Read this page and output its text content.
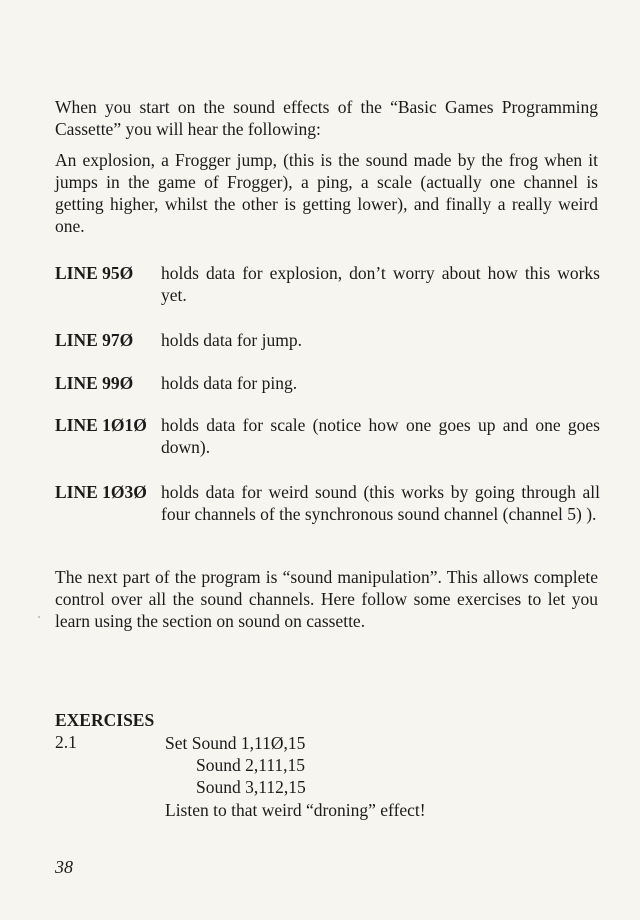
When you start on the sound effects of the “Basic Games Programming Cassette” you will hear the following:

An explosion, a Frogger jump, (this is the sound made by the frog when it jumps in the game of Frogger), a ping, a scale (actually one channel is getting higher, whilst the other is getting lower), and finally a really weird one.

LINE 95Ø	holds data for explosion, don’t worry about how this works yet.
LINE 97Ø	holds data for jump.
LINE 99Ø	holds data for ping.
LINE 1Ø1Ø holds data for scale (notice how one goes up and one goes down).
LINE 1Ø3Ø holds data for weird sound (this works by going through all four channels of the synchronous sound channel (channel 5) ).

The next part of the program is “sound manipulation”. This allows complete control over all the sound channels. Here follow some exercises to let you learn using the section on sound on cassette.

EXERCISES
2.1	Set Sound 1,11Ø,15
Sound 2,111,15
Sound 3,112,15
Listen to that weird “droning” effect!
38
